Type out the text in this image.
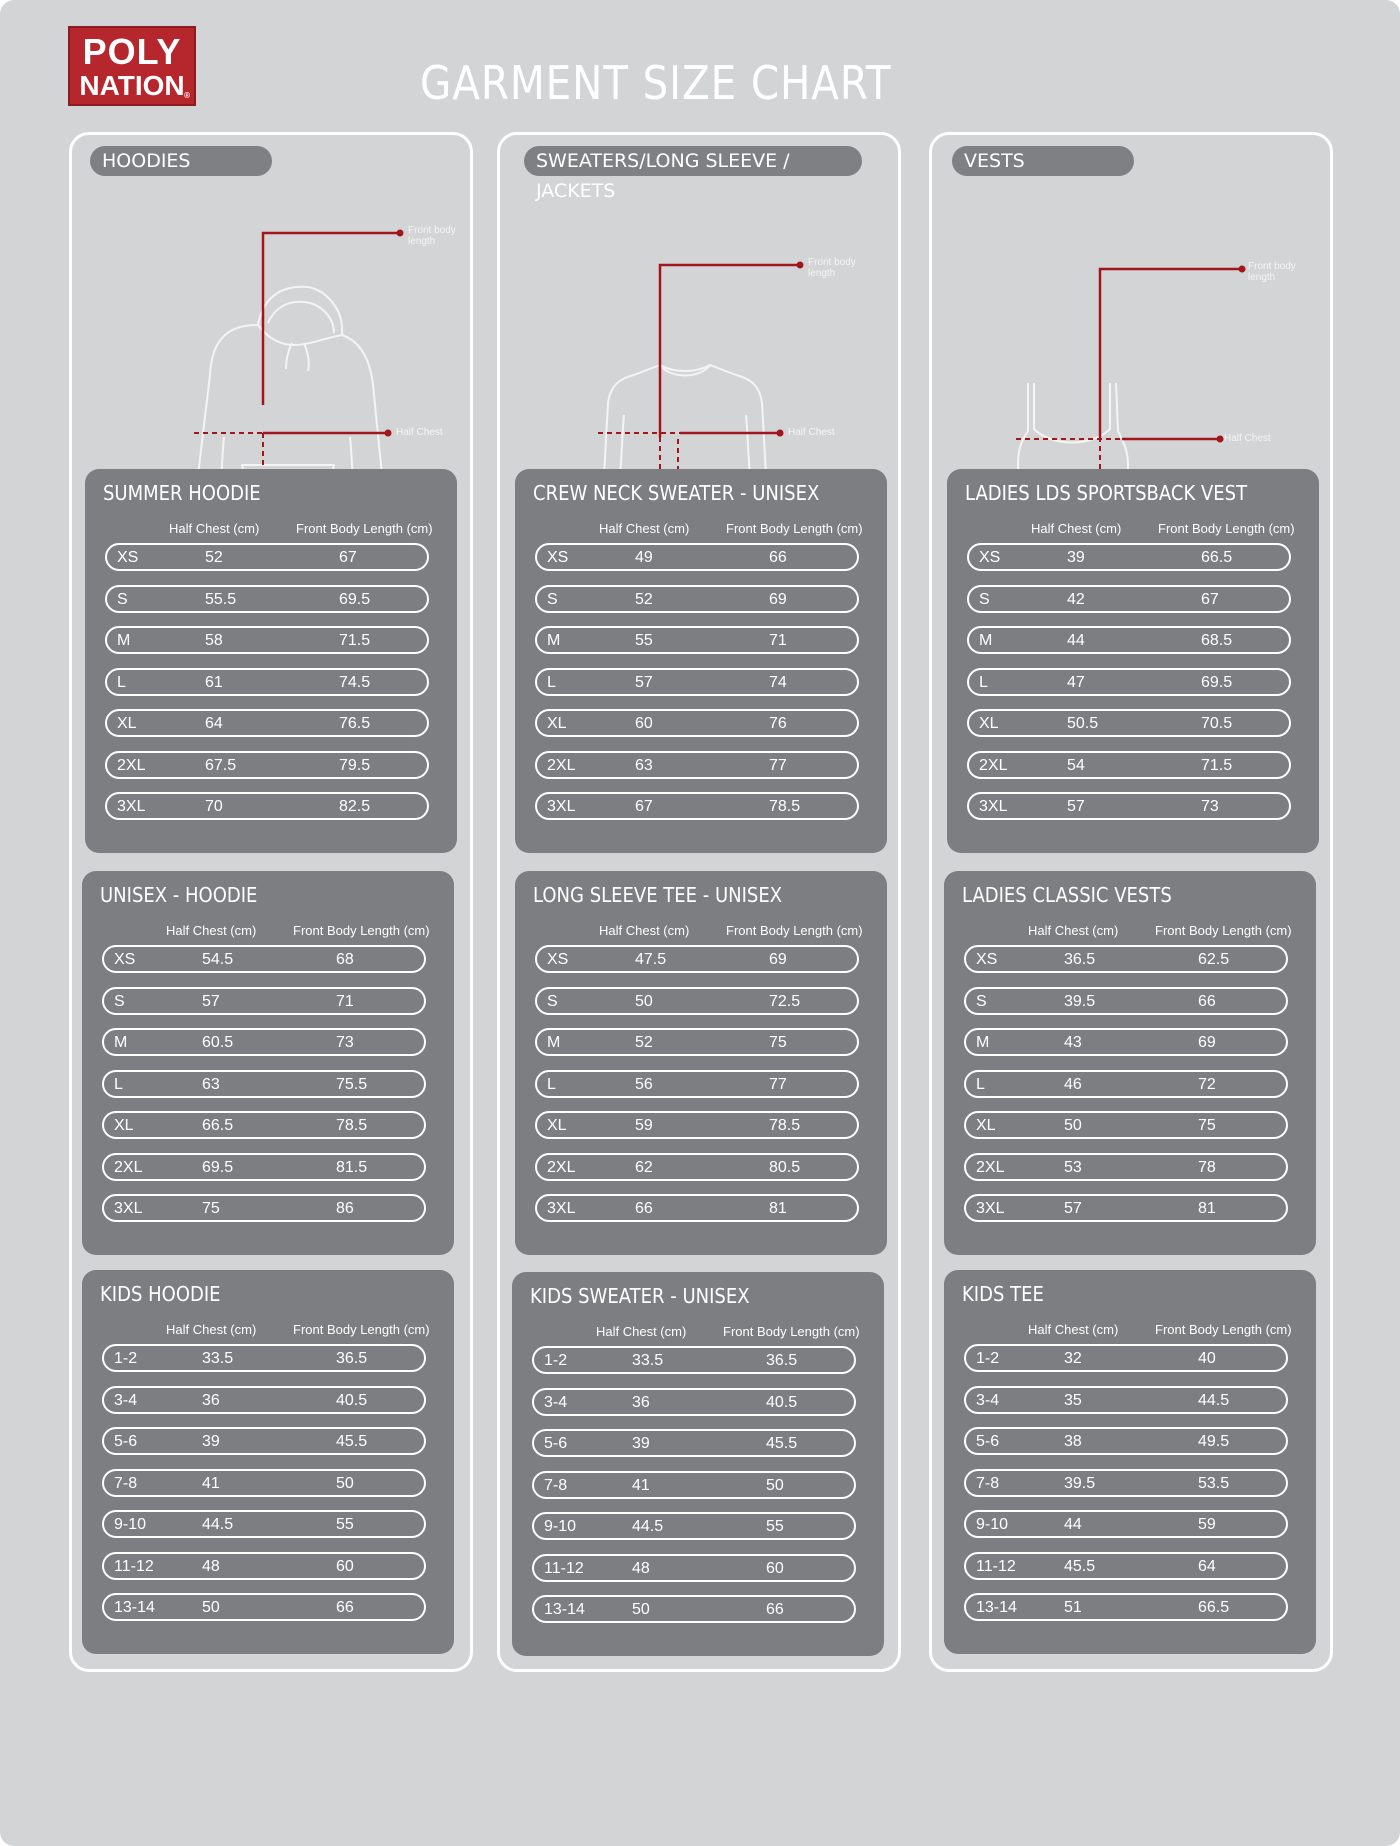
POLY
NATION ®	GARMENT SIZE CHART
HOODIES
Front body length
Half Chest
SUMMER HOODIE
Half Chest (cm)	Front Body Length (cm)
XS	52	67
S	55.5	69.5
M	58	71.5
L	61	74.5
XL	64	76.5
2XL	67.5	79.5
3XL	70	82.5
UNISEX - HOODIE
Half Chest (cm)	Front Body Length (cm)
XS	54.5	68
S	57	71
M	60.5	73
L	63	75.5
XL	66.5	78.5
2XL	69.5	81.5
3XL	75	86
KIDS HOODIE
Half Chest (cm)	Front Body Length (cm)
1-2	33.5	36.5
3-4	36	40.5
5-6	39	45.5
7-8	41	50
9-10	44.5	55
11-12	48	60
13-14	50	66
SWEATERS/LONG SLEEVE / JACKETS
Front body length
Half Chest
CREW NECK SWEATER - UNISEX
Half Chest (cm)	Front Body Length (cm)
XS	49	66
S	52	69
M	55	71
L	57	74
XL	60	76
2XL	63	77
3XL	67	78.5
LONG SLEEVE TEE - UNISEX
Half Chest (cm)	Front Body Length (cm)
XS	47.5	69
S	50	72.5
M	52	75
L	56	77
XL	59	78.5
2XL	62	80.5
3XL	66	81
KIDS SWEATER - UNISEX
Half Chest (cm)	Front Body Length (cm)
1-2	33.5	36.5
3-4	36	40.5
5-6	39	45.5
7-8	41	50
9-10	44.5	55
11-12	48	60
13-14	50	66
VESTS
Front body length
Half Chest
LADIES LDS SPORTSBACK VEST
Half Chest (cm)	Front Body Length (cm)
XS	39	66.5
S	42	67
M	44	68.5
L	47	69.5
XL	50.5	70.5
2XL	54	71.5
3XL	57	73
LADIES CLASSIC VESTS
Half Chest (cm)	Front Body Length (cm)
XS	36.5	62.5
S	39.5	66
M	43	69
L	46	72
XL	50	75
2XL	53	78
3XL	57	81
KIDS TEE
Half Chest (cm)	Front Body Length (cm)
1-2	32	40
3-4	35	44.5
5-6	38	49.5
7-8	39.5	53.5
9-10	44	59
11-12	45.5	64
13-14	51	66.5
